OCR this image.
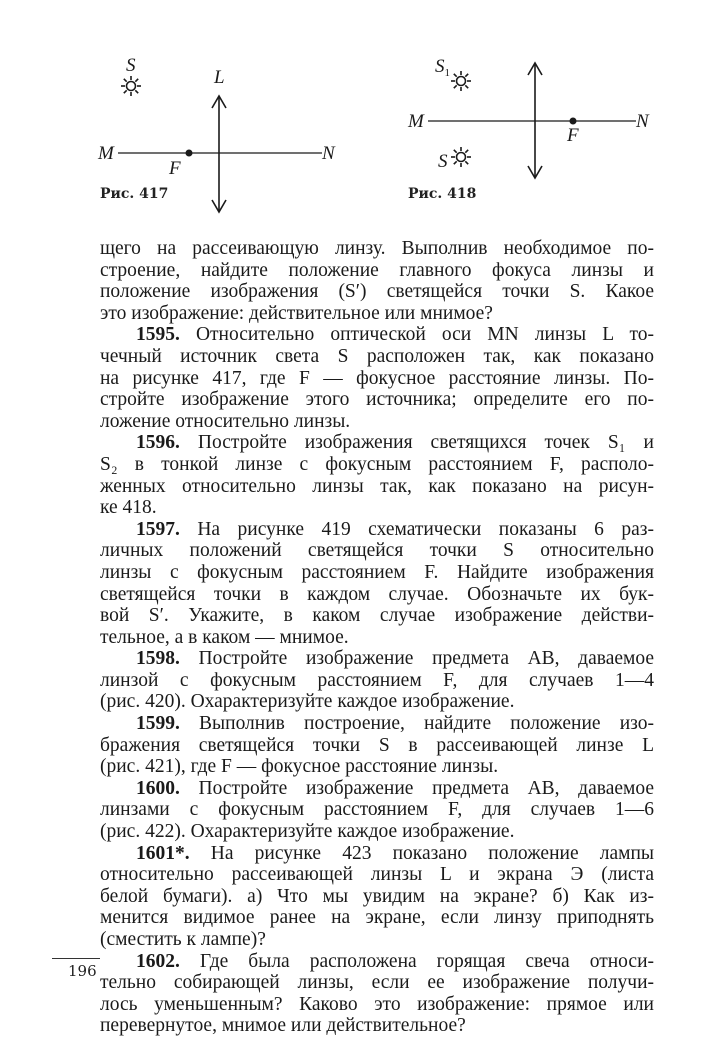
S
L
M	N
F
Рис. 417
$S_1$
S
M	N
F
Рис. 418
щего на рассеивающую линзу. Выполнив необходимое по-
строение, найдите положение главного фокуса линзы и
положение изображения (S′) светящейся точки S. Какое
это изображение: действительное или мнимое?
1595. Относительно оптической оси MN линзы L то-
чечный источник света S расположен так, как показано
на рисунке 417, где F — фокусное расстояние линзы. По-
стройте изображение этого источника; определите его по-
ложение относительно линзы.
1596. Постройте изображения светящихся точек S₁ и
S₂ в тонкой линзе с фокусным расстоянием F, располо-
женных относительно линзы так, как показано на рисун-
ке 418.
1597. На рисунке 419 схематически показаны 6 раз-
личных положений светящейся точки S относительно
линзы с фокусным расстоянием F. Найдите изображения
светящейся точки в каждом случае. Обозначьте их бук-
вой S′. Укажите, в каком случае изображение действи-
тельное, а в каком — мнимое.
1598. Постройте изображение предмета AB, даваемое
линзой с фокусным расстоянием F, для случаев 1—4
(рис. 420). Охарактеризуйте каждое изображение.
1599. Выполнив построение, найдите положение изо-
бражения светящейся точки S в рассеивающей линзе L
(рис. 421), где F — фокусное расстояние линзы.
1600. Постройте изображение предмета AB, даваемое
линзами с фокусным расстоянием F, для случаев 1—6
(рис. 422). Охарактеризуйте каждое изображение.
1601*. На рисунке 423 показано положение лампы
относительно рассеивающей линзы L и экрана Э (листа
белой бумаги). а) Что мы увидим на экране? б) Как из-
менится видимое ранее на экране, если линзу приподнять
(сместить к лампе)?
1602. Где была расположена горящая свеча относи-
тельно собирающей линзы, если ее изображение получи-
лось уменьшенным? Каково это изображение: прямое или
перевернутое, мнимое или действительное?
196
